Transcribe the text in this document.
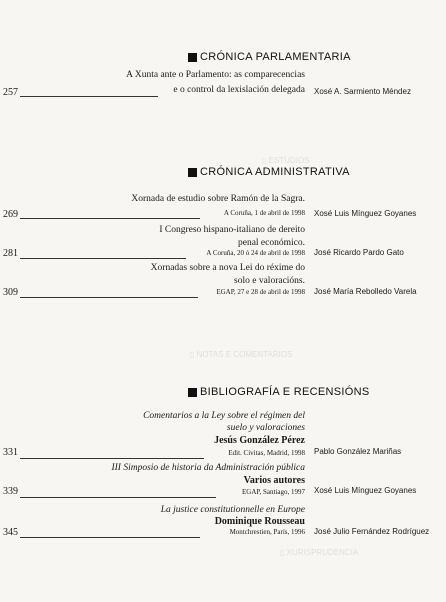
▯ ESTUDIOS
▯ NOTAS E COMENTARIOS
▯ XURISPRUDENCIA
CRÓNICA PARLAMENTARIA
A Xunta ante o Parlamento: as comparecencias
e o control da lexislación delegada
257	Xosé A. Sarmiento Méndez
CRÓNICA ADMINISTRATIVA
Xornada de estudio sobre Ramón de la Sagra.
A Coruña, 1 de abril de 1998
269	Xosé Luis Mínguez Goyanes
I Congreso hispano-italiano de dereito
penal económico.
A Coruña, 20 ó 24 de abril de 1998
281	José Ricardo Pardo Gato
Xornadas sobre a nova Lei do réxime do
solo e valoracións.
EGAP, 27 e 28 de abril de 1998
309	José María Rebolledo Varela
BIBLIOGRAFÍA E RECENSIÓNS
Comentarios a la Ley sobre el régimen del
suelo y valoraciones
Jesús González Pérez
Edit. Civitas, Madrid, 1998
331	Pablo González Mariñas
III Simposio de historia da Administración pública
Varios autores
EGAP, Santiago, 1997
339	Xosé Luis Mínguez Goyanes
La justice constitutionnelle en Europe
Dominique Rousseau
Montchrestien, París, 1996
345	José Julio Fernández Rodríguez
